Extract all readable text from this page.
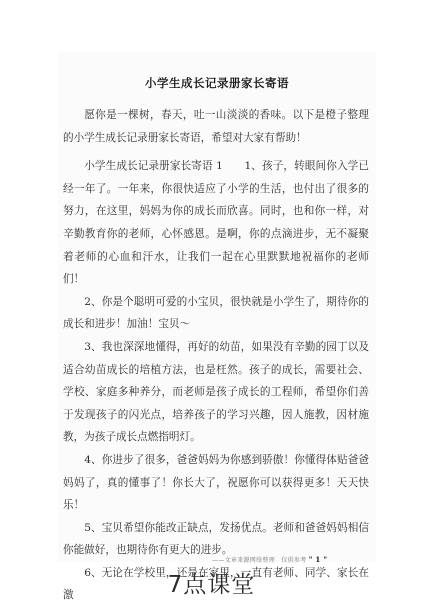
小学生成长记录册家长寄语

愿你是一棵树，春天，吐一山淡淡的香味。以下是橙子整理的小学生成长记录册家长寄语，希望对大家有帮助！

小学生成长记录册家长寄语 1　　1、孩子，转眼间你入学已经一年了。一年来，你很快适应了小学的生活，也付出了很多的努力，在这里，妈妈为你的成长而欣喜。同时，也和你一样，对辛勤教育你的老师，心怀感恩。是啊，你的点滴进步，无不凝聚着老师的心血和汗水，让我们一起在心里默默地祝福你的老师们！

2、你是个聪明可爱的小宝贝，很快就是小学生了，期待你的成长和进步！加油！宝贝～

3、我也深深地懂得，再好的幼苗，如果没有辛勤的园丁以及适合幼苗成长的培植方法，也是枉然。孩子的成长，需要社会、学校、家庭多种养分，而老师是孩子成长的工程师，希望你们善于发现孩子的闪光点，培养孩子的学习兴趣，因人施教，因材施教，为孩子成长点燃指明灯。

4、你进步了很多，爸爸妈妈为你感到骄傲！你懂得体贴爸爸妈妈了，真的懂事了！你长大了，祝愿你可以获得更多！天天快乐！

5、宝贝希望你能改正缺点，发扬优点。老师和爸爸妈妈相信你能做好，也期待你有更大的进步。

6、无论在学校里，还是在家里，一直有老师、同学、家长在激

——文章来源网络整理　仅供参考 " 1 "
7点课堂
